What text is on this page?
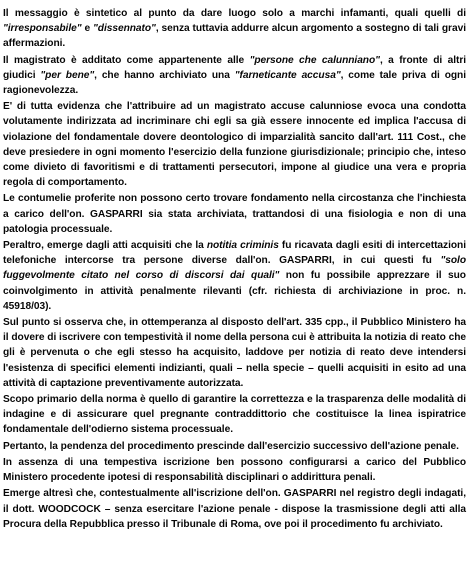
Il messaggio è sintetico al punto da dare luogo solo a marchi infamanti, quali quelli di "irresponsabile" e "dissennato", senza tuttavia addurre alcun argomento a sostegno di tali gravi affermazioni.

Il magistrato è additato come appartenente alle "persone che calunniano", a fronte di altri giudici "per bene", che hanno archiviato una "farneticante accusa", come tale priva di ogni ragionevolezza.

E' di tutta evidenza che l'attribuire ad un magistrato accuse calunniose evoca una condotta volutamente indirizzata ad incriminare chi egli sa già essere innocente ed implica l'accusa di violazione del fondamentale dovere deontologico di imparzialità sancito dall'art. 111 Cost., che deve presiedere in ogni momento l'esercizio della funzione giurisdizionale; principio che, inteso come divieto di favoritismi e di trattamenti persecutori, impone al giudice una vera e propria regola di comportamento.

Le contumelie proferite non possono certo trovare fondamento nella circostanza che l'inchiesta a carico dell'on. GASPARRI sia stata archiviata, trattandosi di una fisiologia e non di una patologia processuale.

Peraltro, emerge dagli atti acquisiti che la notitia criminis fu ricavata dagli esiti di intercettazioni telefoniche intercorse tra persone diverse dall'on. GASPARRI, in cui questi fu "solo fuggevolmente citato nel corso di discorsi dai quali" non fu possibile apprezzare il suo coinvolgimento in attività penalmente rilevanti (cfr. richiesta di archiviazione in proc. n. 45918/03).

Sul punto si osserva che, in ottemperanza al disposto dell'art. 335 cpp., il Pubblico Ministero ha il dovere di iscrivere con tempestività il nome della persona cui è attribuita la notizia di reato che gli è pervenuta o che egli stesso ha acquisito, laddove per notizia di reato deve intendersi l'esistenza di specifici elementi indizianti, quali – nella specie – quelli acquisiti in esito ad una attività di captazione preventivamente autorizzata.

Scopo primario della norma è quello di garantire la correttezza e la trasparenza delle modalità di indagine e di assicurare quel pregnante contraddittorio che costituisce la linea ispiratrice fondamentale dell'odierno sistema processuale.

Pertanto, la pendenza del procedimento prescinde dall'esercizio successivo dell'azione penale.

In assenza di una tempestiva iscrizione ben possono configurarsi a carico del Pubblico Ministero procedente ipotesi di responsabilità disciplinari o addirittura penali.

Emerge altresì che, contestualmente all'iscrizione dell'on. GASPARRI nel registro degli indagati, il dott. WOODCOCK – senza esercitare l'azione penale - dispose la trasmissione degli atti alla Procura della Repubblica presso il Tribunale di Roma, ove poi il procedimento fu archiviato.
